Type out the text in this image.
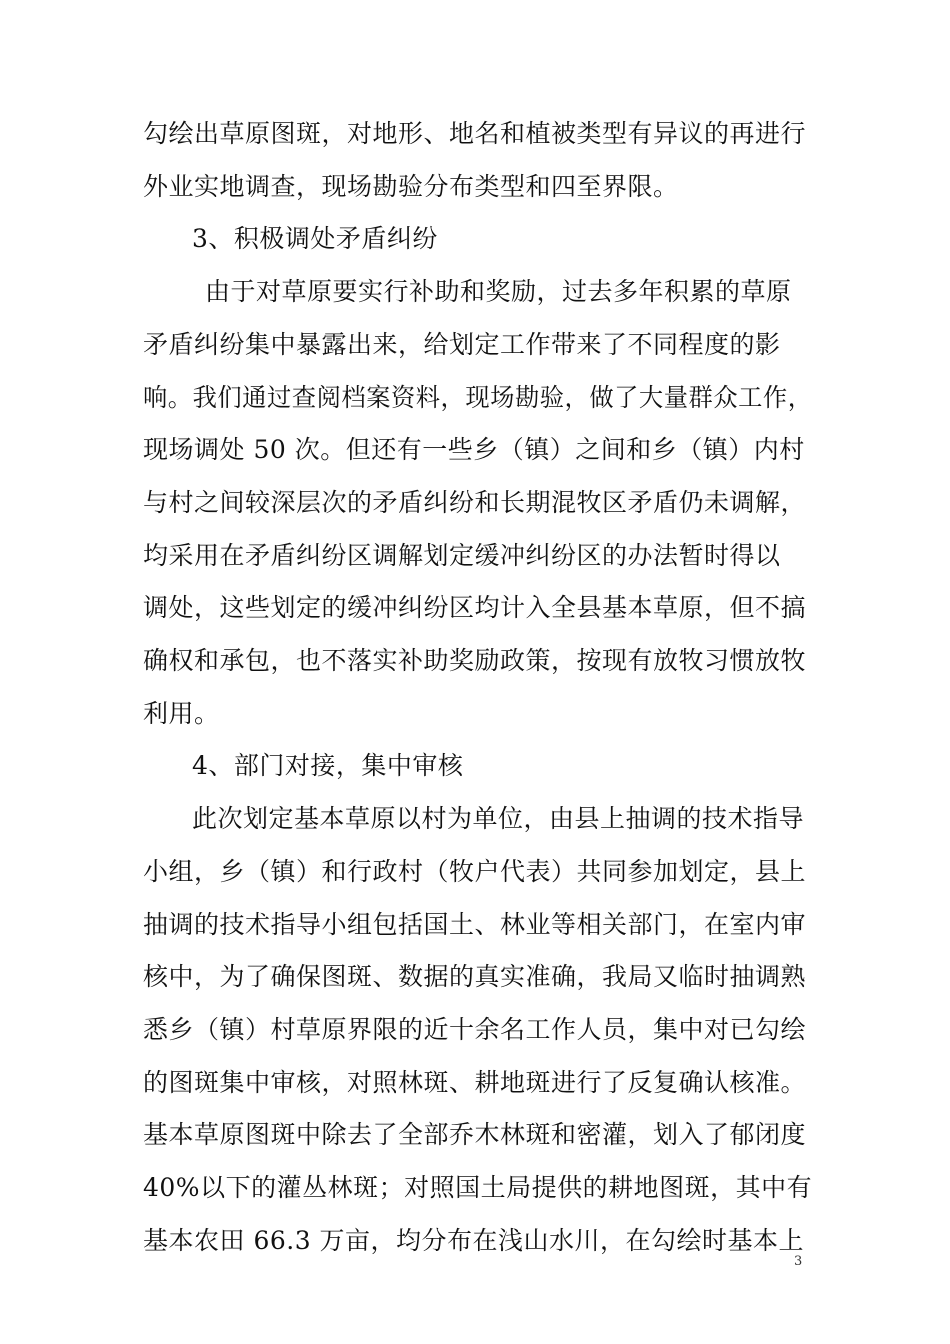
勾绘出草原图斑，对地形、地名和植被类型有异议的再进行
外业实地调查，现场勘验分布类型和四至界限。
3、积极调处矛盾纠纷
由于对草原要实行补助和奖励，过去多年积累的草原
矛盾纠纷集中暴露出来，给划定工作带来了不同程度的影
响。我们通过查阅档案资料，现场勘验，做了大量群众工作，
现场调处 50 次。但还有一些乡（镇）之间和乡（镇）内村
与村之间较深层次的矛盾纠纷和长期混牧区矛盾仍未调解，
均采用在矛盾纠纷区调解划定缓冲纠纷区的办法暂时得以
调处，这些划定的缓冲纠纷区均计入全县基本草原，但不搞
确权和承包，也不落实补助奖励政策，按现有放牧习惯放牧
利用。
4、部门对接，集中审核
此次划定基本草原以村为单位，由县上抽调的技术指导
小组，乡（镇）和行政村（牧户代表）共同参加划定，县上
抽调的技术指导小组包括国土、林业等相关部门，在室内审
核中，为了确保图斑、数据的真实准确，我局又临时抽调熟
悉乡（镇）村草原界限的近十余名工作人员，集中对已勾绘
的图斑集中审核，对照林斑、耕地斑进行了反复确认核准。
基本草原图斑中除去了全部乔木林斑和密灌，划入了郁闭度
40%以下的灌丛林斑；对照国土局提供的耕地图斑，其中有
基本农田 66.3 万亩，均分布在浅山水川，在勾绘时基本上
3
